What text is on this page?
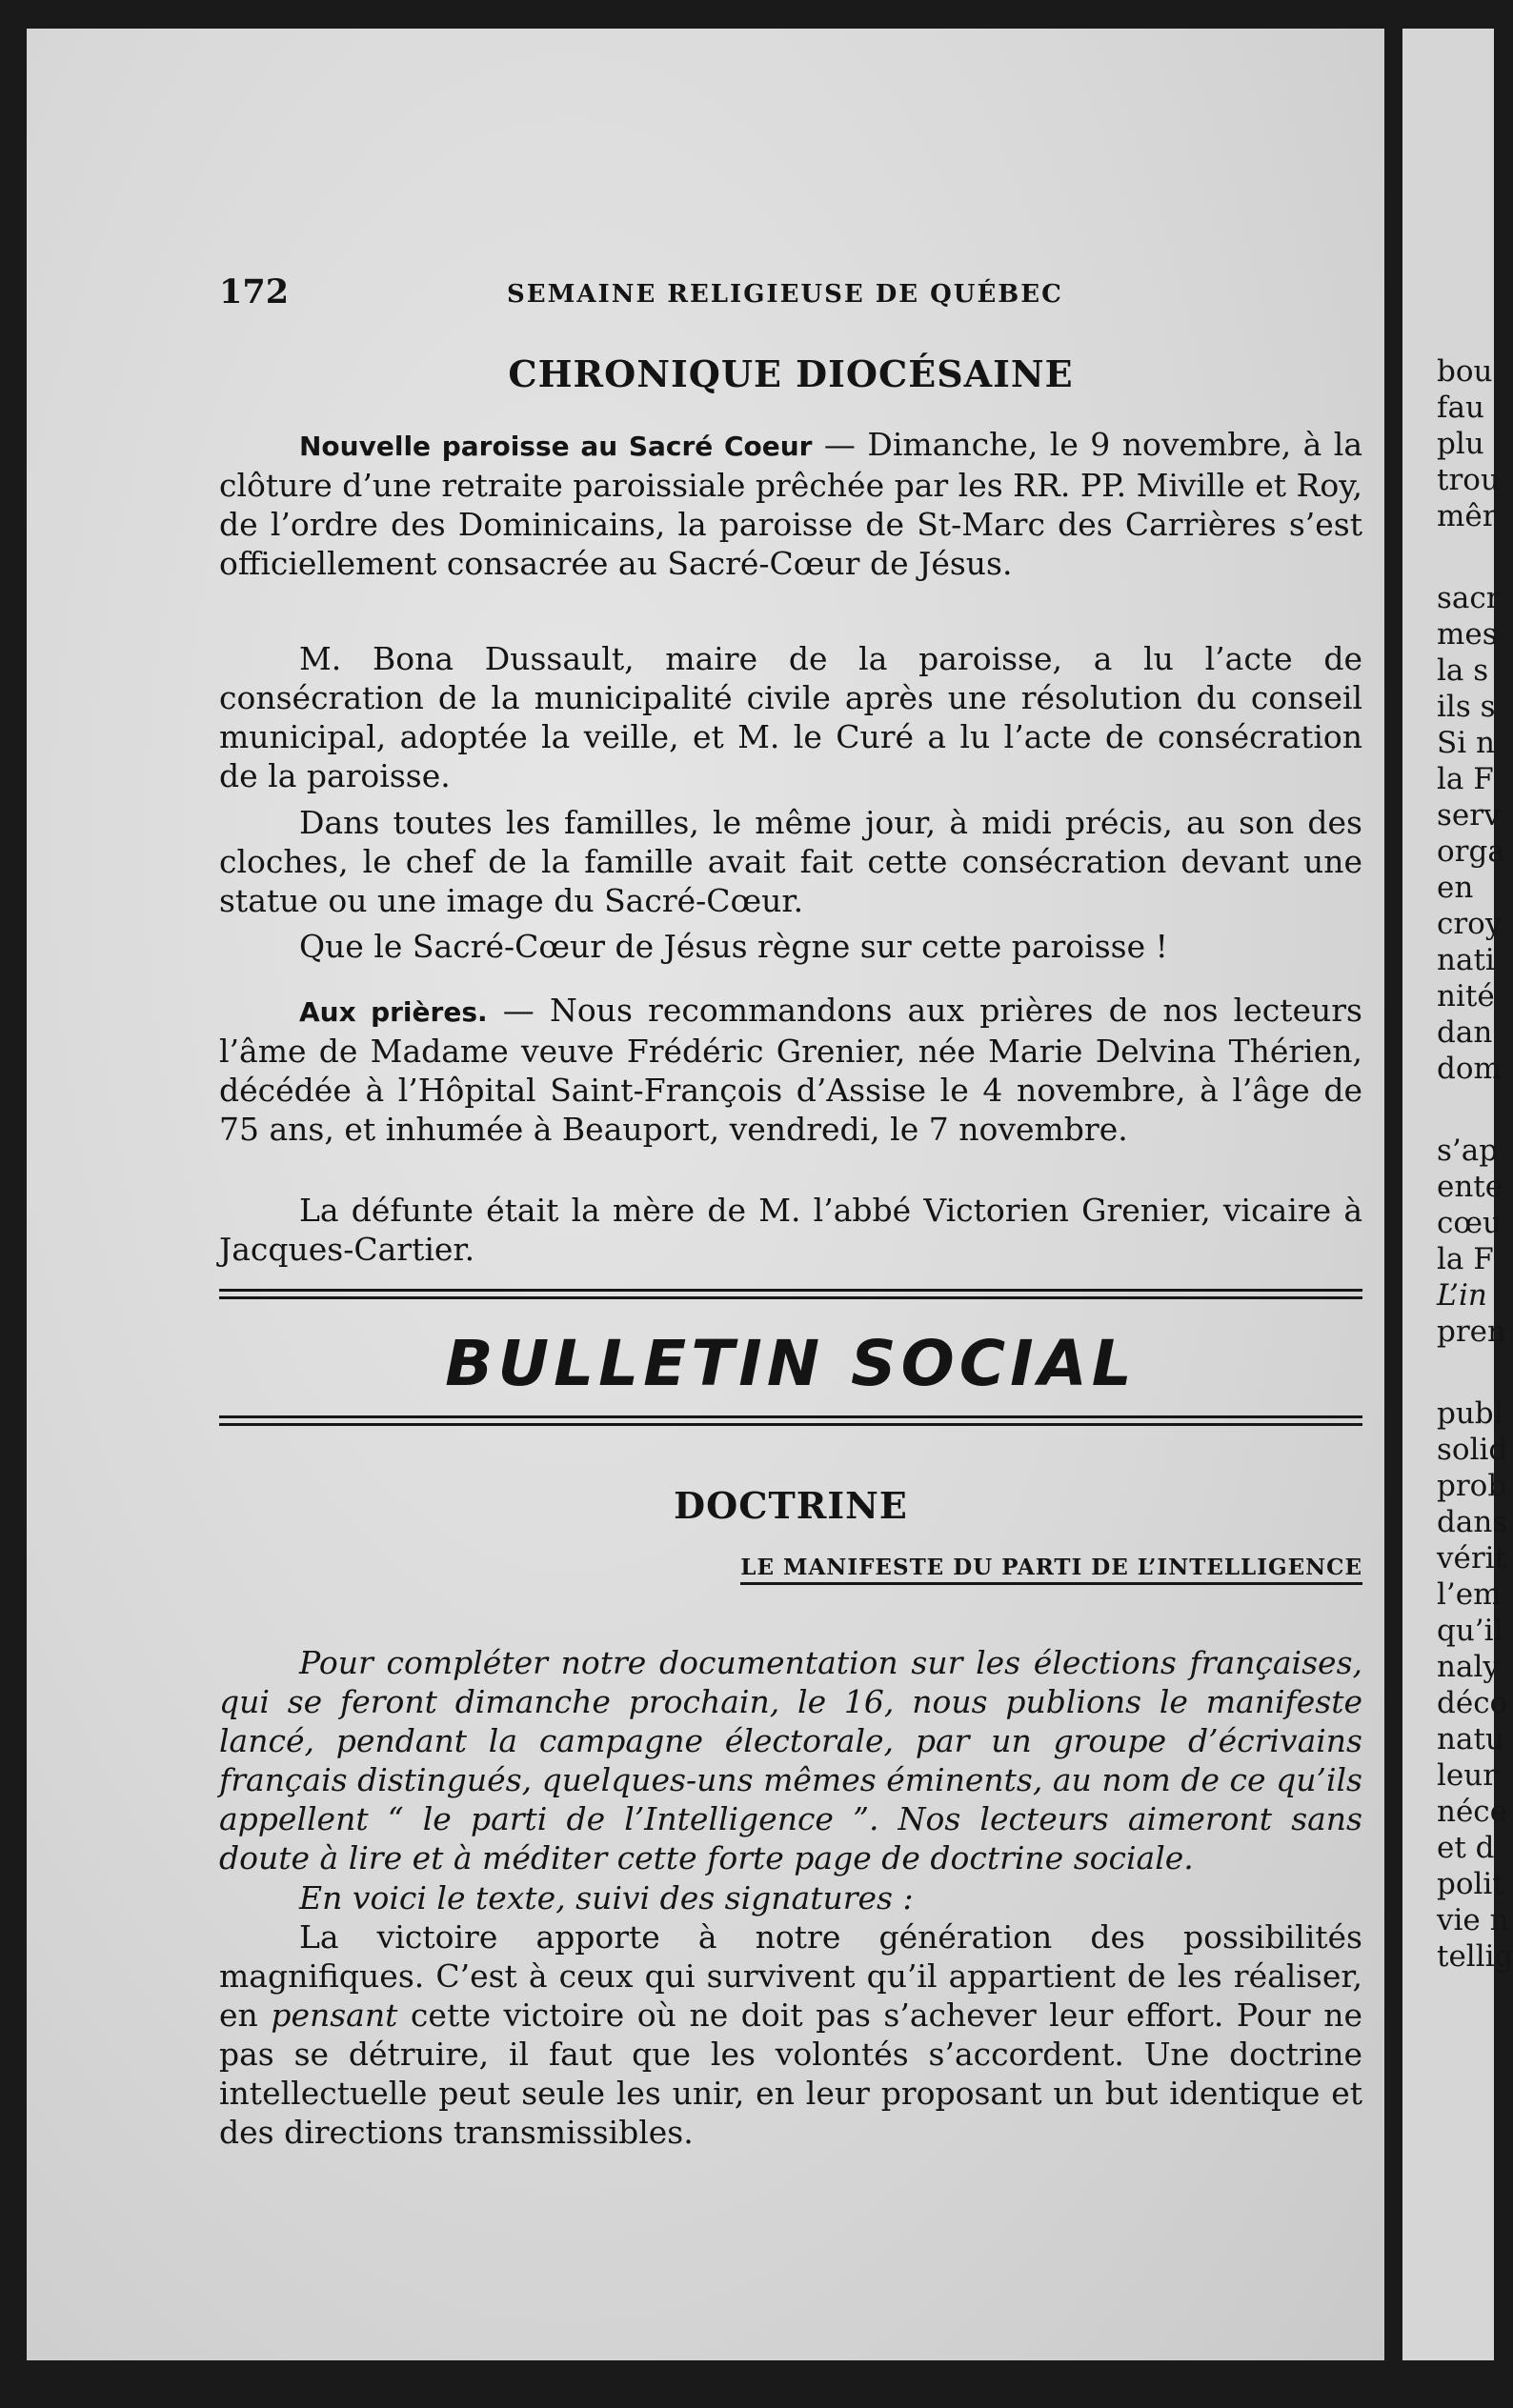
172	SEMAINE RELIGIEUSE DE QUÉBEC
CHRONIQUE DIOCÉSAINE

Nouvelle paroisse au Sacré Coeur — Dimanche, le 9 novembre, à la clôture d’une retraite paroissiale prêchée par les RR. PP. Miville et Roy, de l’ordre des Dominicains, la paroisse de St-Marc des Carrières s’est officiellement consacrée au Sacré-Cœur de Jésus.

M. Bona Dussault, maire de la paroisse, a lu l’acte de consécration de la municipalité civile après une résolution du conseil municipal, adoptée la veille, et M. le Curé a lu l’acte de consécration de la paroisse.

Dans toutes les familles, le même jour, à midi précis, au son des cloches, le chef de la famille avait fait cette consécration devant une statue ou une image du Sacré-Cœur.

Que le Sacré-Cœur de Jésus règne sur cette paroisse !

Aux prières. — Nous recommandons aux prières de nos lecteurs l’âme de Madame veuve Frédéric Grenier, née Marie Delvina Thérien, décédée à l’Hôpital Saint-François d’Assise le 4 novembre, à l’âge de 75 ans, et inhumée à Beauport, vendredi, le 7 novembre.

La défunte était la mère de M. l’abbé Victorien Grenier, vicaire à Jacques-Cartier.

BULLETIN SOCIAL
DOCTRINE
LE MANIFESTE DU PARTI DE L’INTELLIGENCE

Pour compléter notre documentation sur les élections françaises, qui se feront dimanche prochain, le 16, nous publions le manifeste lancé, pendant la campagne électorale, par un groupe d’écrivains français distingués, quelques-uns mêmes éminents, au nom de ce qu’ils appellent “ le parti de l’Intelligence ”. Nos lecteurs aimeront sans doute à lire et à méditer cette forte page de doctrine sociale.

En voici le texte, suivi des signatures :

La victoire apporte à notre génération des possibilités magnifiques. C’est à ceux qui survivent qu’il appartient de les réaliser, en pensant cette victoire où ne doit pas s’achever leur effort. Pour ne pas se détruire, il faut que les volontés s’accordent. Une doctrine intellectuelle peut seule les unir, en leur proposant un but identique et des directions transmissibles.

bou
fau
plu
trou
mêr
sacr
mes
la s
ils s
Si n
la F
serv
orga
en
croy
nati
nité
dan
dom
s’ap
ente
cœu
la F
L’in
pren
publ
solid
prob
dans
vérit
l’em
qu’il
naly
déco
natu
leur
néce
et d
polit
vie n
tellig
